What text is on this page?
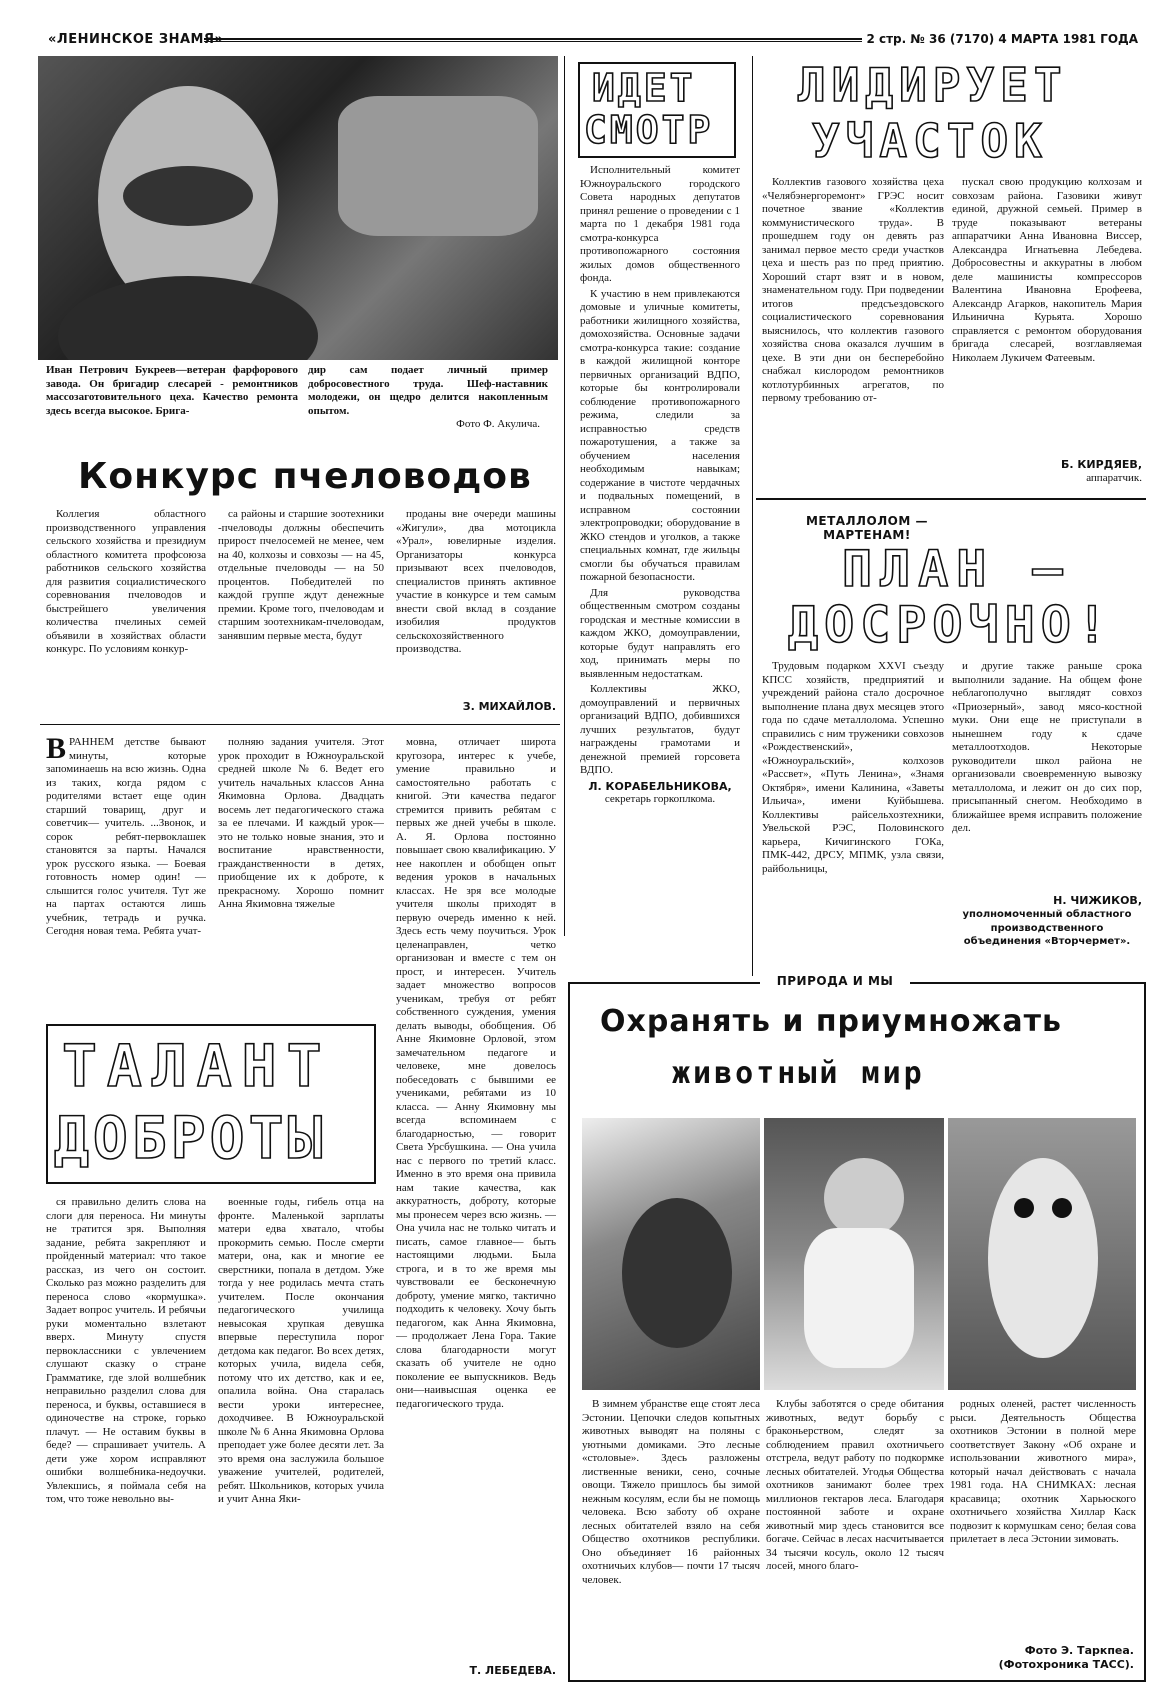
«ЛЕНИНСКОЕ ЗНАМЯ»	2 стр. № 36 (7170) 4 МАРТА 1981 ГОДА

Иван Петрович Букреев—ветеран фарфорового завода. Он бригадир слесарей - ремонтников массозаготовительного цеха. Качество ремонта здесь всегда высокое. Брига-

дир сам подает личный пример добросовестного труда. Шеф-наставник молодежи, он щедро делится накопленным опытом.

Фото Ф. Акулича.
ИДЕТ
СМОТР

Исполнительный комитет Южноуральского городского Совета народных депутатов принял решение о проведении с 1 марта по 1 декабря 1981 года смотра-конкурса противопожарного состояния жилых домов общественного фонда.

К участию в нем привлекаются домовые и уличные комитеты, работники жилищного хозяйства, домохозяйства. Основные задачи смотра-конкурса такие: создание в каждой жилищной конторе первичных организаций ВДПО, которые бы контролировали соблюдение противопожарного режима, следили за исправностью средств пожаротушения, а также за обучением населения необходимым навыкам; содержание в чистоте чердачных и подвальных помещений, в исправном состоянии электропроводки; оборудование в ЖКО стендов и уголков, а также специальных комнат, где жильцы смогли бы обучаться правилам пожарной безопасности.

Для руководства общественным смотром созданы городская и местные комиссии в каждом ЖКО, домоуправлении, которые будут направлять его ход, принимать меры по выявленным недостаткам.

Коллективы ЖКО, домоуправлений и первичных организаций ВДПО, добившихся лучших результатов, будут награждены грамотами и денежной премией горсовета ВДПО.

Л. КОРАБЕЛЬНИКОВА,
секретарь горкоплкома.
ЛИДИРУЕТ
УЧАСТОК

Коллектив газового хозяйства цеха «Челябэнергоремонт» ГРЭС носит почетное звание «Коллектив коммунистического труда». В прошедшем году он девять раз занимал первое место среди участков цеха и шесть раз по пред приятию. Хороший старт взят и в новом, знаменательном году. При подведении итогов предсъездовского социалистического соревнования выяснилось, что коллектив газового хозяйства снова оказался лучшим в цехе. В эти дни он бесперебойно снабжал кислородом ремонтников котлотурбинных агрегатов, по первому требованию от-

пускал свою продукцию колхозам и совхозам района. Газовики живут единой, дружной семьей. Пример в труде показывают ветераны аппаратчики Анна Ивановна Виссер, Александра Игнатьевна Лебедева. Добросовестны и аккуратны в любом деле машинисты компрессоров Валентина Ивановна Ерофеева, Александр Агарков, накопитель Мария Ильинична Курьята. Хорошо справляется с ремонтом оборудования бригада слесарей, возглавляемая Николаем Лукичем Фатеевым.

Б. КИРДЯЕВ,
аппаратчик.
МЕТАЛЛОЛОМ — МАРТЕНАМ!
ПЛАН —
ДОСРОЧНО!

Трудовым подарком XXVI съезду КПСС хозяйств, предприятий и учреждений района стало досрочное выполнение плана двух месяцев этого года по сдаче металлолома. Успешно справились с ним труженики совхозов «Рождественский», «Южноуральский», колхозов «Рассвет», «Путь Ленина», «Знамя Октября», имени Калинина, «Заветы Ильича», имени Куйбышева. Коллективы райсельхозтехники, Увельской РЭС, Половинского карьера, Кичигинского ГОКа, ПМК-442, ДРСУ, МПМК, узла связи, райбольницы,

и другие также раньше срока выполнили задание. На общем фоне неблагополучно выглядят совхоз «Приозерный», завод мясо-костной муки. Они еще не приступали в нынешнем году к сдаче металлоотходов. Некоторые руководители школ района не организовали своевременную вывозку металлолома, и лежит он до сих пор, присыпанный снегом. Необходимо в ближайшее время исправить положение дел.

Н. ЧИЖИКОВ,
уполномоченный областного производственного объединения «Вторчермет».
Конкурс пчеловодов

Коллегия областного производственного управления сельского хозяйства и президиум областного комитета профсоюза работников сельского хозяйства для развития социалистического соревнования пчеловодов и быстрейшего увеличения количества пчелиных семей объявили в хозяйствах области конкурс. По условиям конкур-

са районы и старшие зоотехники -пчеловоды должны обеспечить прирост пчелосемей не менее, чем на 40, колхозы и совхозы — на 45, отдельные пчеловоды — на 50 процентов. Победителей по каждой группе ждут денежные премии. Кроме того, пчеловодам и старшим зоотехникам-пчеловодам, занявшим первые места, будут

проданы вне очереди машины «Жигули», два мотоцикла «Урал», ювелирные изделия. Организаторы конкурса призывают всех пчеловодов, специалистов принять активное участие в конкурсе и тем самым внести свой вклад в создание изобилия продуктов сельскохозяйственного производства.

З. МИХАЙЛОВ.
В РАННЕМ детстве бывают минуты, которые запоминаешь на всю жизнь. Одна из таких, когда рядом с родителями встает еще один старший товарищ, друг и советчик— учитель. ...Звонок, и сорок ребят-первоклашек становятся за парты. Начался урок русского языка. — Боевая готовность номер один! —слышится голос учителя. Тут же на партах остаются лишь учебник, тетрадь и ручка. Сегодня новая тема. Ребята учат-

полняю задания учителя. Этот урок проходит в Южноуральской средней школе № 6. Ведет его учитель начальных классов Анна Якимовна Орлова. Двадцать восемь лет педагогического стажа за ее плечами. И каждый урок—это не только новые знания, это и воспитание нравственности, гражданственности в детях, приобщение их к доброте, к прекрасному. Хорошо помнит Анна Якимовна тяжелые

мовна, отличает широта кругозора, интерес к учебе, умение правильно и самостоятельно работать с книгой. Эти качества педагог стремится привить ребятам с первых же дней учебы в школе. А. Я. Орлова постоянно повышает свою квалификацию. У нее накоплен и обобщен опыт ведения уроков в начальных классах. Не зря все молодые учителя школы приходят в первую очередь именно к ней. Здесь есть чему поучиться. Урок целенаправлен, четко организован и вместе с тем он прост, и интересен. Учитель задает множество вопросов ученикам, требуя от ребят собственного суждения, умения делать выводы, обобщения. Об Анне Якимовне Орловой, этом замечательном педагоге и человеке, мне довелось побеседовать с бывшими ее учениками, ребятами из 10 класса. — Анну Якимовну мы всегда вспоминаем с благодарностью, — говорит Света Урсбушкина. — Она учила нас с первого по третий класс. Именно в это время она привила нам такие качества, как аккуратность, доброту, которые мы пронесем через всю жизнь. — Она учила нас не только читать и писать, самое главное— быть настоящими людьми. Была строга, и в то же время мы чувствовали ее бесконечную доброту, умение мягко, тактично подходить к человеку. Хочу быть педагогом, как Анна Якимовна, — продолжает Лена Гора. Такие слова благодарности могут сказать об учителе не одно поколение ее выпускников. Ведь они—наивысшая оценка ее педагогического труда.

ТАЛАНТ
ДОБРОТЫ

ся правильно делить слова на слоги для переноса. Ни минуты не тратится зря. Выполняя задание, ребята закрепляют и пройденный материал: что такое рассказ, из чего он состоит. Сколько раз можно разделить для переноса слово «кормушка». Задает вопрос учитель. И ребячьи руки моментально взлетают вверх. Минуту спустя первоклассники с увлечением слушают сказку о стране Грамматике, где злой волшебник неправильно разделил слова для переноса, и буквы, оставшиеся в одиночестве на строке, горько плачут. — Не оставим буквы в беде? — спрашивает учитель. А дети уже хором исправляют ошибки волшебника-недоучки. Увлекшись, я поймала себя на том, что тоже невольно вы-

военные годы, гибель отца на фронте. Маленькой зарплаты матери едва хватало, чтобы прокормить семью. После смерти матери, она, как и многие ее сверстники, попала в детдом. Уже тогда у нее родилась мечта стать учителем. После окончания педагогического училища невысокая хрупкая девушка впервые переступила порог детдома как педагог. Во всех детях, которых учила, видела себя, потому что их детство, как и ее, опалила война. Она старалась вести уроки интереснее, доходчивее. В Южноуральской школе № 6 Анна Якимовна Орлова преподает уже более десяти лет. За это время она заслужила большое уважение учителей, родителей, ребят. Школьников, которых учила и учит Анна Яки-

Т. ЛЕБЕДЕВА.
ПРИРОДА И МЫ
Охранять и приумножать
животный мир

В зимнем убранстве еще стоят леса Эстонии. Цепочки следов копытных животных выводят на поляны с уютными домиками. Это лесные «столовые». Здесь разложены лиственные веники, сено, сочные овощи. Тяжело пришлось бы зимой нежным косулям, если бы не помощь человека. Всю заботу об охране лесных обитателей взяло на себя Общество охотников республики. Оно объединяет 16 районных охотничьих клубов— почти 17 тысяч человек.

Клубы заботятся о среде обитания животных, ведут борьбу с браконьерством, следят за соблюдением правил охотничьего отстрела, ведут работу по подкормке лесных обитателей. Угодья Общества охотников занимают более трех миллионов гектаров леса. Благодаря постоянной заботе и охране животный мир здесь становится все богаче. Сейчас в лесах насчитывается 34 тысячи косуль, около 12 тысяч лосей, много благо-

родных оленей, растет численность рыси. Деятельность Общества охотников Эстонии в полной мере соответствует Закону «Об охране и использовании животного мира», который начал действовать с начала 1981 года. НА СНИМКАХ: лесная красавица; охотник Харьюского охотничьего хозяйства Хиллар Каск подвозит к кормушкам сено; белая сова прилетает в леса Эстонии зимовать.

Фото Э. Таркпеа.
(Фотохроника ТАСС).
